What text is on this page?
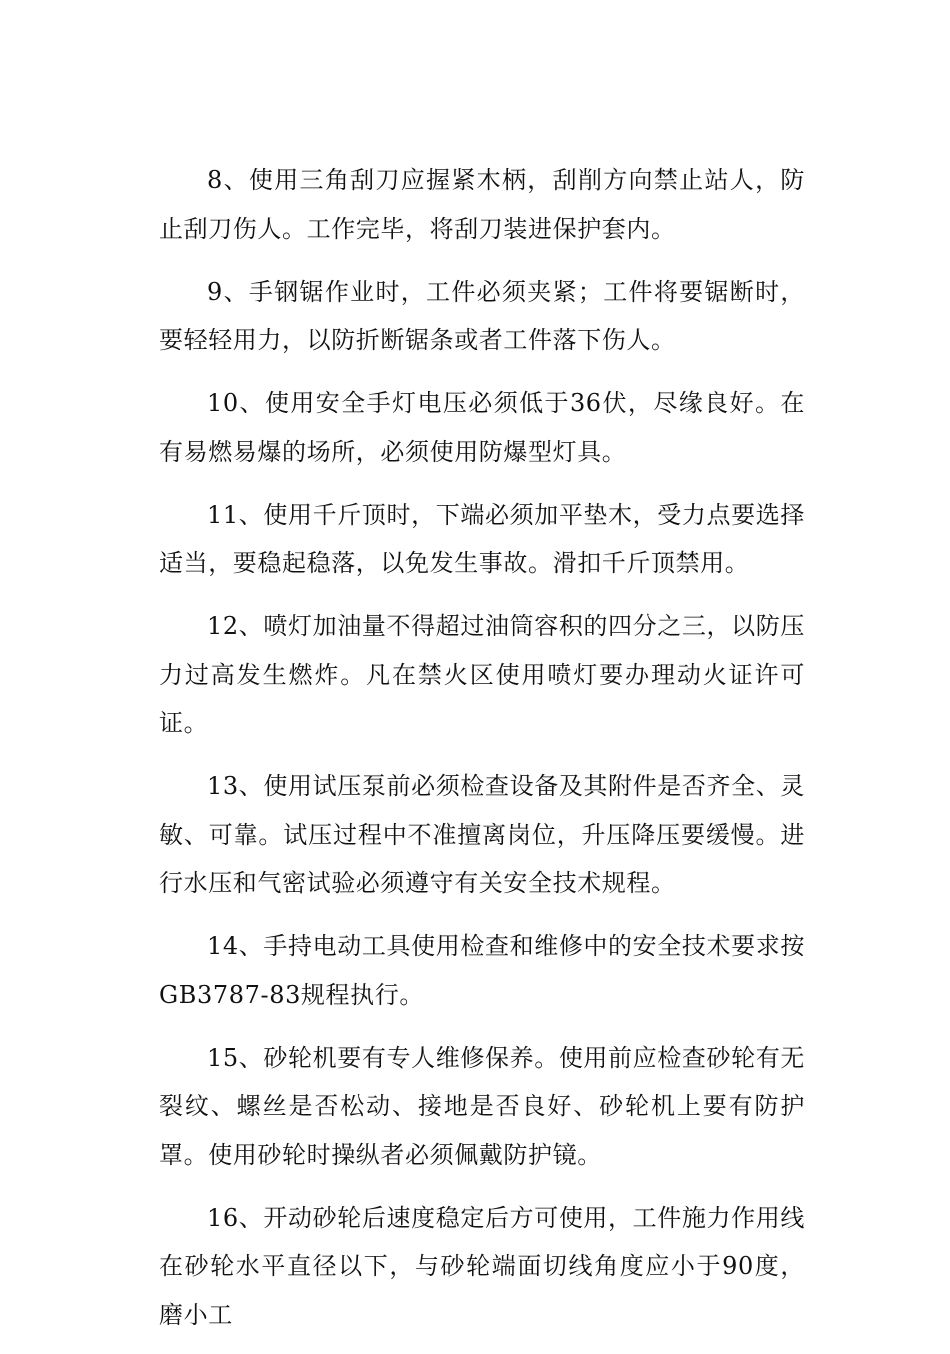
8、使用三角刮刀应握紧木柄，刮削方向禁止站人，防止刮刀伤人。工作完毕，将刮刀装进保护套内。

9、手钢锯作业时，工件必须夹紧；工件将要锯断时，要轻轻用力，以防折断锯条或者工件落下伤人。

10、使用安全手灯电压必须低于36伏，尽缘良好。在有易燃易爆的场所，必须使用防爆型灯具。

11、使用千斤顶时，下端必须加平垫木，受力点要选择适当，要稳起稳落，以免发生事故。滑扣千斤顶禁用。

12、喷灯加油量不得超过油筒容积的四分之三，以防压力过高发生燃炸。凡在禁火区使用喷灯要办理动火证许可证。

13、使用试压泵前必须检查设备及其附件是否齐全、灵敏、可靠。试压过程中不准擅离岗位，升压降压要缓慢。进行水压和气密试验必须遵守有关安全技术规程。

14、手持电动工具使用检查和维修中的安全技术要求按GB3787-83规程执行。

15、砂轮机要有专人维修保养。使用前应检查砂轮有无裂纹、螺丝是否松动、接地是否良好、砂轮机上要有防护罩。使用砂轮时操纵者必须佩戴防护镜。

16、开动砂轮后速度稳定后方可使用，工件施力作用线在砂轮水平直径以下，与砂轮端面切线角度应小于90度，磨小工
